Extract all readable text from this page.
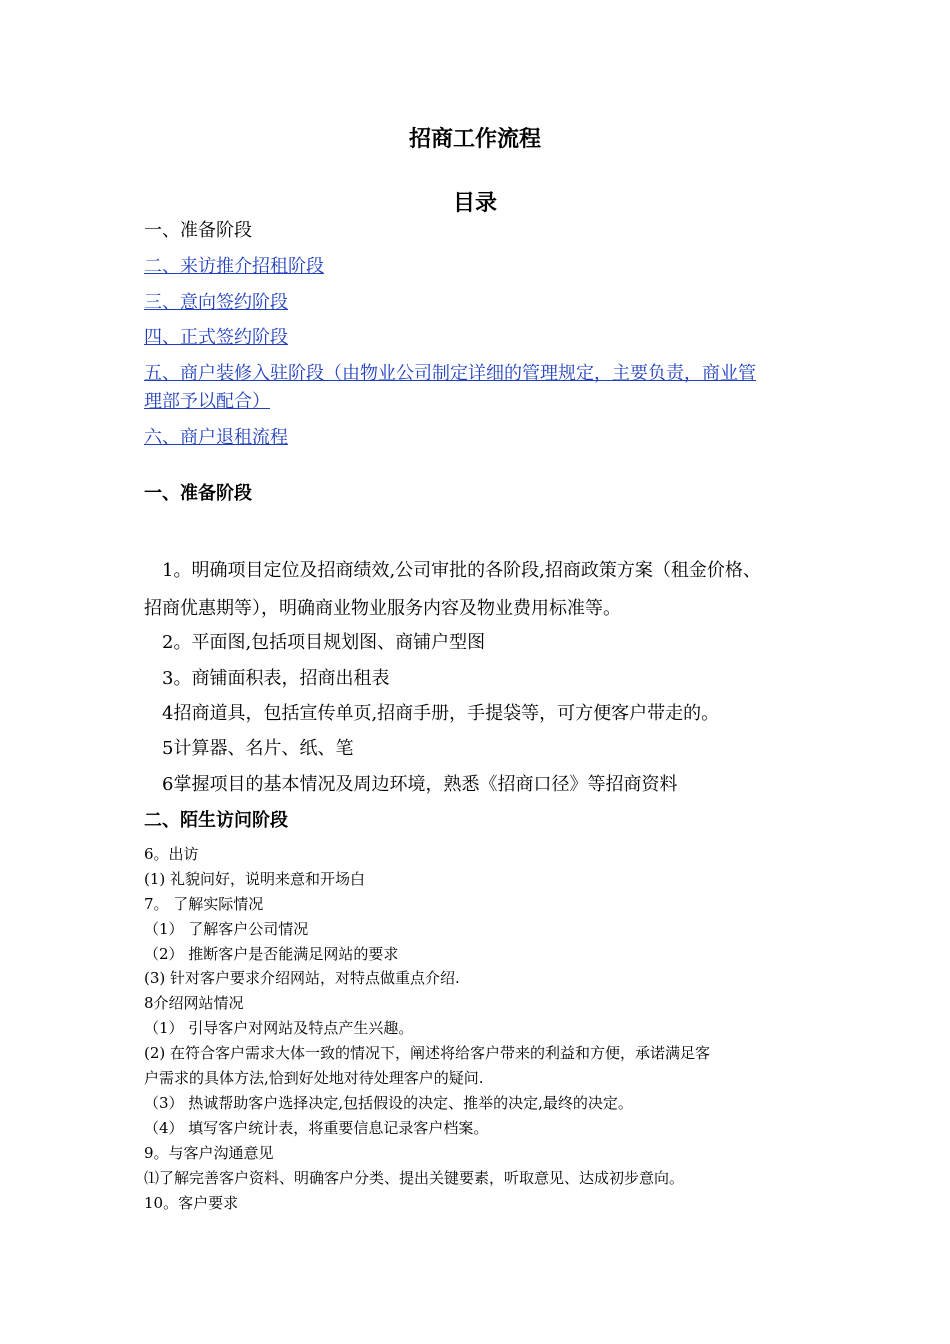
招商工作流程
目录
一、准备阶段
二、来访推介招租阶段
三、意向签约阶段
四、正式签约阶段
五、商户装修入驻阶段（由物业公司制定详细的管理规定，主要负责，商业管
理部予以配合）
六、商户退租流程
一、准备阶段
1。明确项目定位及招商绩效,公司审批的各阶段,招商政策方案（租金价格、
招商优惠期等），明确商业物业服务内容及物业费用标准等。
2。平面图,包括项目规划图、商铺户型图
3。商铺面积表，招商出租表
4招商道具，包括宣传单页,招商手册，手提袋等，可方便客户带走的。
5计算器、名片、纸、笔
6掌握项目的基本情况及周边环境，熟悉《招商口径》等招商资料
二、陌生访问阶段
6。出访
(1) 礼貌问好，说明来意和开场白
7。 了解实际情况
（1） 了解客户公司情况
（2） 推断客户是否能满足网站的要求
(3) 针对客户要求介绍网站，对特点做重点介绍.
8介绍网站情况
（1） 引导客户对网站及特点产生兴趣。
(2) 在符合客户需求大体一致的情况下，阐述将给客户带来的利益和方便，承诺满足客
户需求的具体方法,恰到好处地对待处理客户的疑问.
（3） 热诚帮助客户选择决定,包括假设的决定、推举的决定,最终的决定。
（4） 填写客户统计表，将重要信息记录客户档案。
9。与客户沟通意见
⑴了解完善客户资料、明确客户分类、提出关键要素，听取意见、达成初步意向。
10。客户要求
